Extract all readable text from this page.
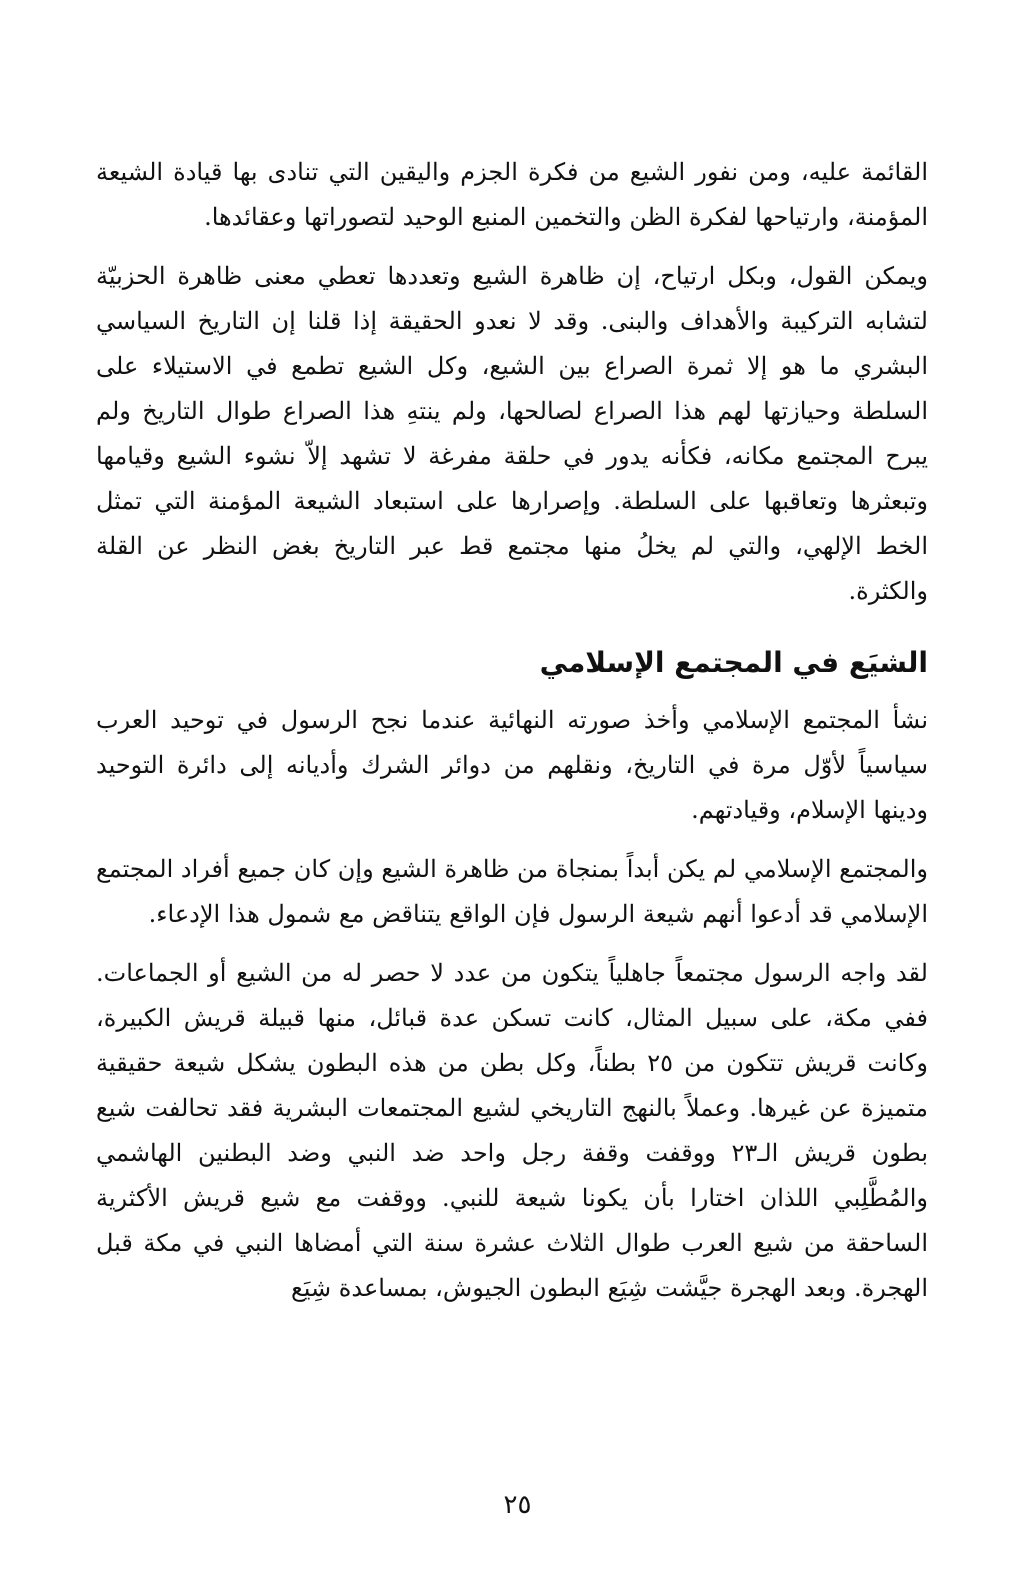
القائمة عليه، ومن نفور الشيع من فكرة الجزم واليقين التي تنادى بها قيادة الشيعة المؤمنة، وارتياحها لفكرة الظن والتخمين المنبع الوحيد لتصوراتها وعقائدها.

ويمكن القول، وبكل ارتياح، إن ظاهرة الشيع وتعددها تعطي معنى ظاهرة الحزبيّة لتشابه التركيبة والأهداف والبنى. وقد لا نعدو الحقيقة إذا قلنا إن التاريخ السياسي البشري ما هو إلا ثمرة الصراع بين الشيع، وكل الشيع تطمع في الاستيلاء على السلطة وحيازتها لهم هذا الصراع لصالحها، ولم ينتهِ هذا الصراع طوال التاريخ ولم يبرح المجتمع مكانه، فكأنه يدور في حلقة مفرغة لا تشهد إلاّ نشوء الشيع وقيامها وتبعثرها وتعاقبها على السلطة. وإصرارها على استبعاد الشيعة المؤمنة التي تمثل الخط الإلهي، والتي لم يخلُ منها مجتمع قط عبر التاريخ بغض النظر عن القلة والكثرة.

الشيَع في المجتمع الإسلامي

نشأ المجتمع الإسلامي وأخذ صورته النهائية عندما نجح الرسول في توحيد العرب سياسياً لأوّل مرة في التاريخ، ونقلهم من دوائر الشرك وأديانه إلى دائرة التوحيد ودينها الإسلام، وقيادتهم.

والمجتمع الإسلامي لم يكن أبداً بمنجاة من ظاهرة الشيع وإن كان جميع أفراد المجتمع الإسلامي قد أدعوا أنهم شيعة الرسول فإن الواقع يتناقض مع شمول هذا الإدعاء.

لقد واجه الرسول مجتمعاً جاهلياً يتكون من عدد لا حصر له من الشيع أو الجماعات. ففي مكة، على سبيل المثال، كانت تسكن عدة قبائل، منها قبيلة قريش الكبيرة، وكانت قريش تتكون من ٢٥ بطناً، وكل بطن من هذه البطون يشكل شيعة حقيقية متميزة عن غيرها. وعملاً بالنهج التاريخي لشيع المجتمعات البشرية فقد تحالفت شيع بطون قريش الـ٢٣ ووقفت وقفة رجل واحد ضد النبي وضد البطنين الهاشمي والمُطَّلِبي اللذان اختارا بأن يكونا شيعة للنبي. ووقفت مع شيع قريش الأكثرية الساحقة من شيع العرب طوال الثلاث عشرة سنة التي أمضاها النبي في مكة قبل الهجرة. وبعد الهجرة جيَّشت شِيَع البطون الجيوش، بمساعدة شِيَع

٢٥
